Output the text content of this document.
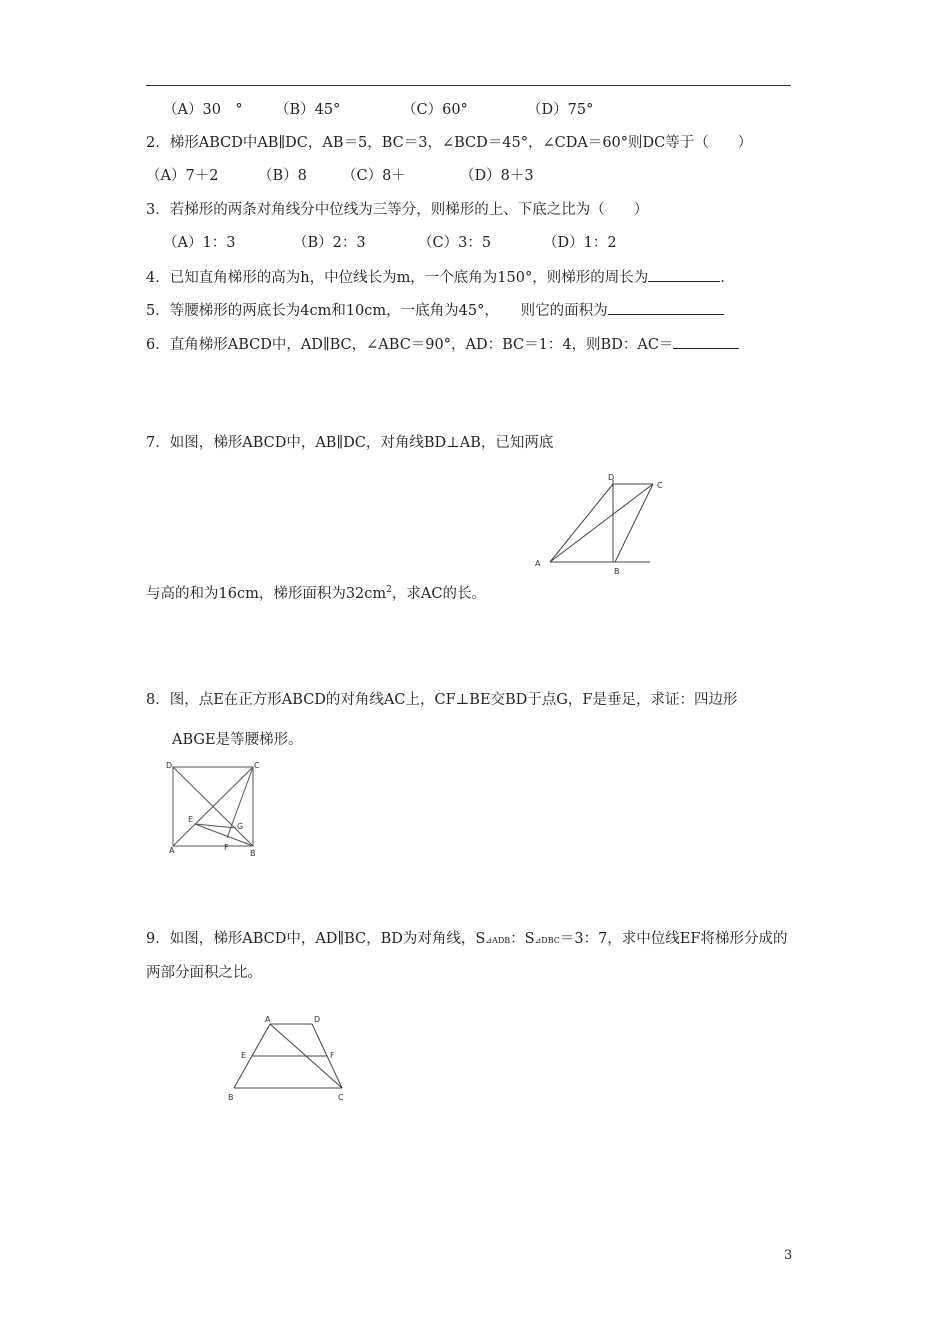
（A）30　° （B）45°	（C）60°	（D）75°
2．梯形ABCD中AB∥DC，AB＝5，BC＝3，∠BCD＝45°，∠CDA＝60°则DC等于（　　）
（A）7＋2	（B）8 （C）8＋	（D）8＋3
3．若梯形的两条对角线分中位线为三等分，则梯形的上、下底之比为（　　）
（A）1：3	（B）2：3	（C）3：5	（D）1：2
4．已知直角梯形的高为h，中位线长为m，一个底角为150°，则梯形的周长为	.
5．等腰梯形的两底长为4cm和10cm，一底角为45°，　　则它的面积为
6．直角梯形ABCD中，AD∥BC，∠ABC＝90°，AD：BC＝1：4，则BD：AC＝
7．如图，梯形ABCD中，AB∥DC，对角线BD⊥AB，已知两底
A
B
C
D
与高的和为16cm，梯形面积为$32cm^2$，求AC的长。
8．图，点E在正方形ABCD的对角线AC上，CF⊥BE交BD于点G，F是垂足，求证：四边形
ABGE是等腰梯形。
D	C
A	B
E
G
F
9．如图，梯形ABCD中，AD∥BC，BD为对角线，S⊿ADB：S⊿DBC＝3：7，求中位线EF将梯形分成的
两部分面积之比。
A	D
E	F
B	C
3
